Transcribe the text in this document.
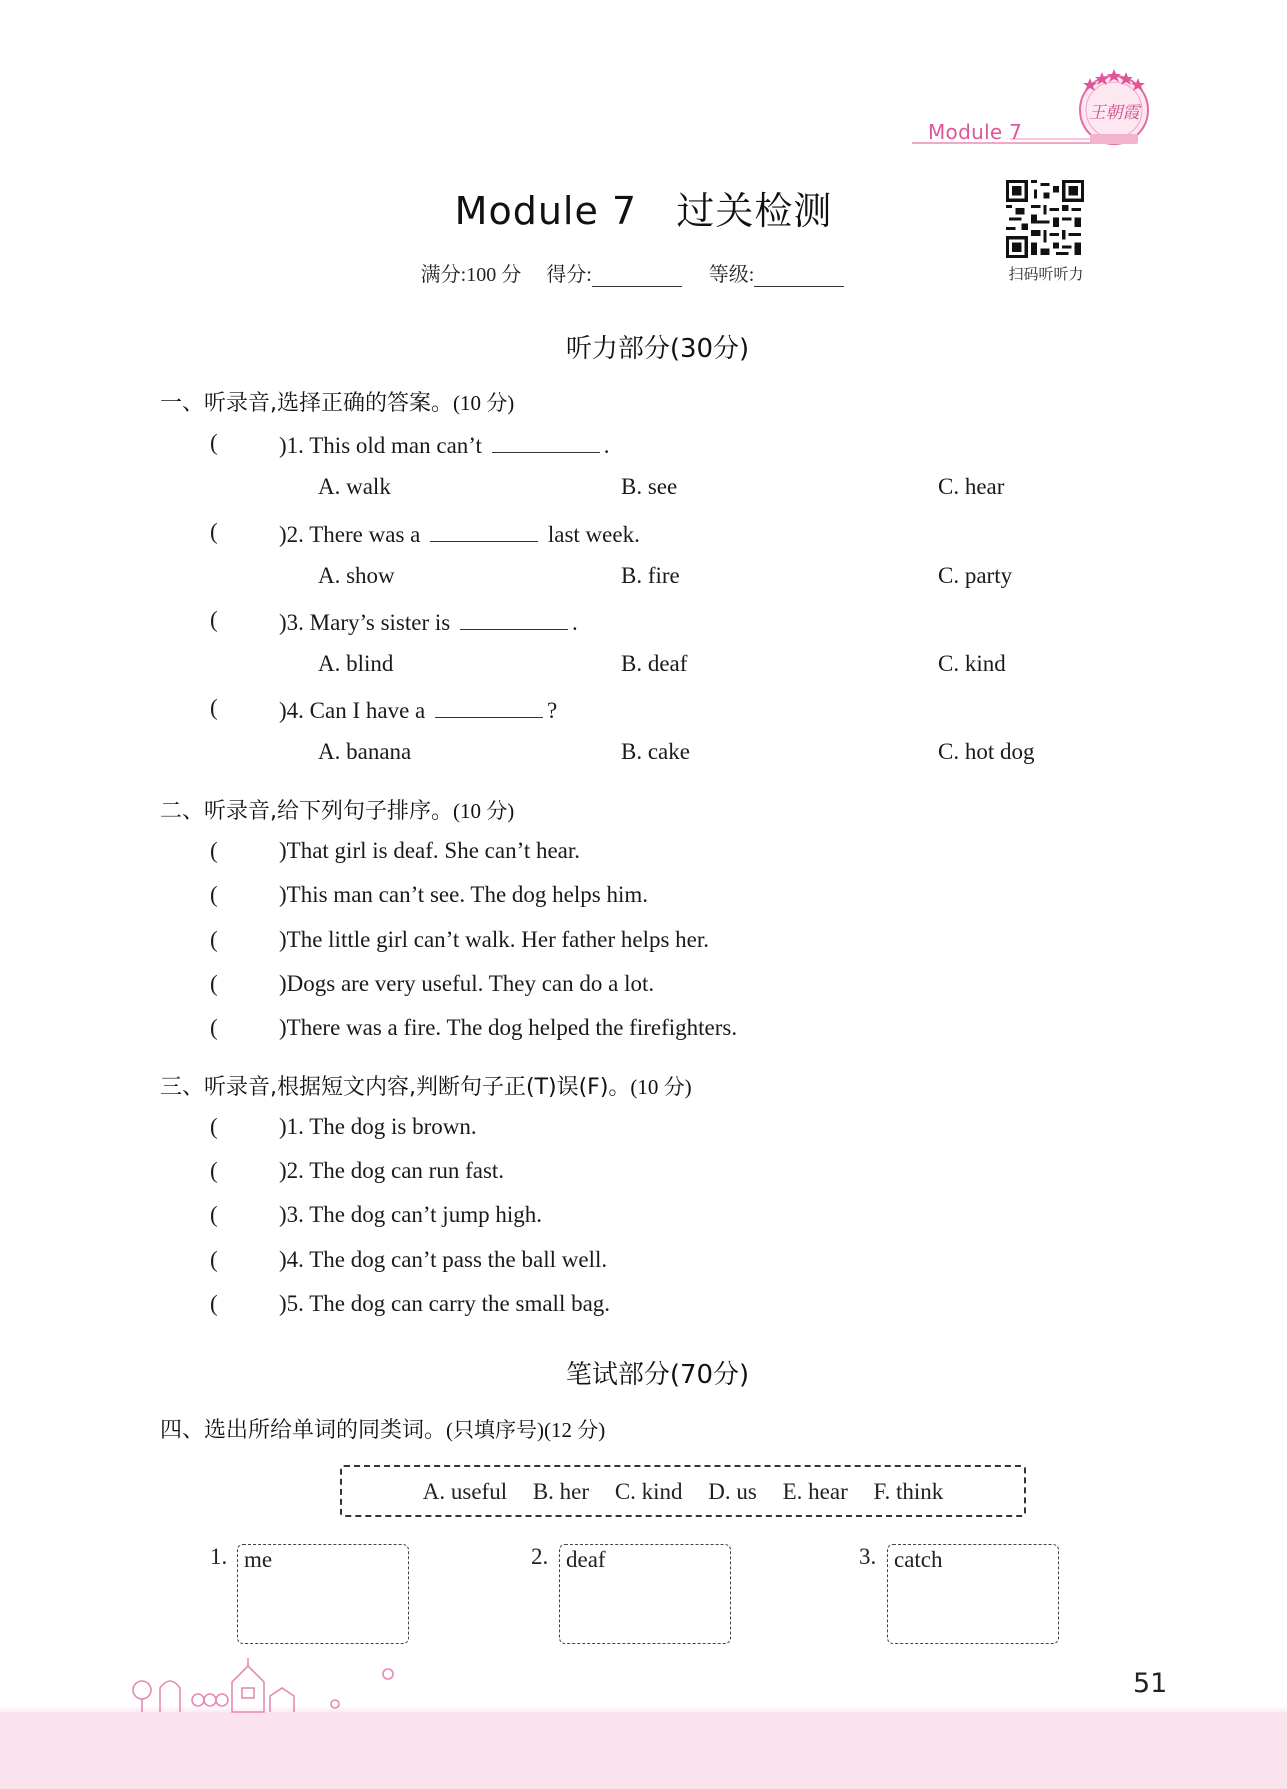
Module 7
王朝霞
Module 7   过关检测
满分:100 分 得分:	等级:	扫码听听力
听力部分(30分)
一、听录音,选择正确的答案。(10 分)
(	)1. This old man can’t	.
A. walk	B. see	C. hear
(	)2. There was a	last week.
A. show	B. fire	C. party
(	)3. Mary’s sister is	.
A. blind	B. deaf	C. kind
(	)4. Can I have a	?
A. banana	B. cake	C. hot dog
二、听录音,给下列句子排序。(10 分)
(	)That girl is deaf. She can’t hear.
(	)This man can’t see. The dog helps him.
(	)The little girl can’t walk. Her father helps her.
(	)Dogs are very useful. They can do a lot.
(	)There was a fire. The dog helped the firefighters.
三、听录音,根据短文内容,判断句子正(T)误(F)。(10 分)
(	)1. The dog is brown.
(	)2. The dog can run fast.
(	)3. The dog can’t jump high.
(	)4. The dog can’t pass the ball well.
(	)5. The dog can carry the small bag.
笔试部分(70分)
四、选出所给单词的同类词。(只填序号)(12 分)
A. useful B. her C. kind D. us E. hear F. think
1. me	2. deaf	3. catch
51
